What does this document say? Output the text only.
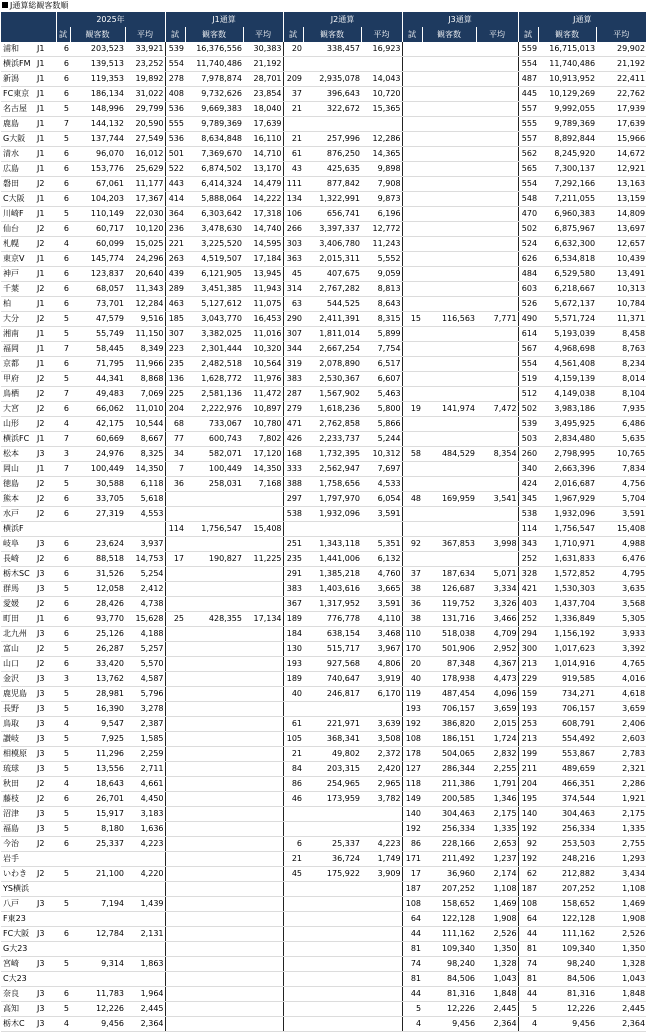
J通算総観客数順
		2025年			J1通算			J2通算			J3通算			J通算		
		試	観客数	平均	試	観客数	平均	試	観客数	平均	試	観客数	平均	試	観客数	平均
浦和	J1	6	203,523	33,921	539	16,376,556	30,383	20	338,457	16,923				559	16,715,013	29,902
横浜FM	J1	6	139,513	23,252	554	11,740,486	21,192							554	11,740,486	21,192
新潟	J1	6	119,353	19,892	278	7,978,874	28,701	209	2,935,078	14,043				487	10,913,952	22,411
FC東京	J1	6	186,134	31,022	408	9,732,626	23,854	37	396,643	10,720				445	10,129,269	22,762
名古屋	J1	5	148,996	29,799	536	9,669,383	18,040	21	322,672	15,365				557	9,992,055	17,939
鹿島	J1	7	144,132	20,590	555	9,789,369	17,639							555	9,789,369	17,639
G大阪	J1	5	137,744	27,549	536	8,634,848	16,110	21	257,996	12,286				557	8,892,844	15,966
清水	J1	6	96,070	16,012	501	7,369,670	14,710	61	876,250	14,365				562	8,245,920	14,672
広島	J1	6	153,776	25,629	522	6,874,502	13,170	43	425,635	9,898				565	7,300,137	12,921
磐田	J2	6	67,061	11,177	443	6,414,324	14,479	111	877,842	7,908				554	7,292,166	13,163
C大阪	J1	6	104,203	17,367	414	5,888,064	14,222	134	1,322,991	9,873				548	7,211,055	13,159
川崎F	J1	5	110,149	22,030	364	6,303,642	17,318	106	656,741	6,196				470	6,960,383	14,809
仙台	J2	6	60,717	10,120	236	3,478,630	14,740	266	3,397,337	12,772				502	6,875,967	13,697
札幌	J2	4	60,099	15,025	221	3,225,520	14,595	303	3,406,780	11,243				524	6,632,300	12,657
東京V	J1	6	145,774	24,296	263	4,519,507	17,184	363	2,015,311	5,552				626	6,534,818	10,439
神戸	J1	6	123,837	20,640	439	6,121,905	13,945	45	407,675	9,059				484	6,529,580	13,491
千葉	J2	6	68,057	11,343	289	3,451,385	11,943	314	2,767,282	8,813				603	6,218,667	10,313
柏	J1	6	73,701	12,284	463	5,127,612	11,075	63	544,525	8,643				526	5,672,137	10,784
大分	J2	5	47,579	9,516	185	3,043,770	16,453	290	2,411,391	8,315	15	116,563	7,771	490	5,571,724	11,371
湘南	J1	5	55,749	11,150	307	3,382,025	11,016	307	1,811,014	5,899				614	5,193,039	8,458
福岡	J1	7	58,445	8,349	223	2,301,444	10,320	344	2,667,254	7,754				567	4,968,698	8,763
京都	J1	6	71,795	11,966	235	2,482,518	10,564	319	2,078,890	6,517				554	4,561,408	8,234
甲府	J2	5	44,341	8,868	136	1,628,772	11,976	383	2,530,367	6,607				519	4,159,139	8,014
鳥栖	J2	7	49,483	7,069	225	2,581,136	11,472	287	1,567,902	5,463				512	4,149,038	8,104
大宮	J2	6	66,062	11,010	204	2,222,976	10,897	279	1,618,236	5,800	19	141,974	7,472	502	3,983,186	7,935
山形	J2	4	42,175	10,544	68	733,067	10,780	471	2,762,858	5,866				539	3,495,925	6,486
横浜FC	J1	7	60,669	8,667	77	600,743	7,802	426	2,233,737	5,244				503	2,834,480	5,635
松本	J3	3	24,976	8,325	34	582,071	17,120	168	1,732,395	10,312	58	484,529	8,354	260	2,798,995	10,765
岡山	J1	7	100,449	14,350	7	100,449	14,350	333	2,562,947	7,697				340	2,663,396	7,834
徳島	J2	5	30,588	6,118	36	258,031	7,168	388	1,758,656	4,533				424	2,016,687	4,756
熊本	J2	6	33,705	5,618				297	1,797,970	6,054	48	169,959	3,541	345	1,967,929	5,704
水戸	J2	6	27,319	4,553				538	1,932,096	3,591				538	1,932,096	3,591
横浜F					114	1,756,547	15,408							114	1,756,547	15,408
岐阜	J3	6	23,624	3,937				251	1,343,118	5,351	92	367,853	3,998	343	1,710,971	4,988
長崎	J2	6	88,518	14,753	17	190,827	11,225	235	1,441,006	6,132				252	1,631,833	6,476
栃木SC	J3	6	31,526	5,254				291	1,385,218	4,760	37	187,634	5,071	328	1,572,852	4,795
群馬	J3	5	12,058	2,412				383	1,403,616	3,665	38	126,687	3,334	421	1,530,303	3,635
愛媛	J2	6	28,426	4,738				367	1,317,952	3,591	36	119,752	3,326	403	1,437,704	3,568
町田	J1	6	93,770	15,628	25	428,355	17,134	189	776,778	4,110	38	131,716	3,466	252	1,336,849	5,305
北九州	J3	6	25,126	4,188				184	638,154	3,468	110	518,038	4,709	294	1,156,192	3,933
富山	J2	5	26,287	5,257				130	515,717	3,967	170	501,906	2,952	300	1,017,623	3,392
山口	J2	6	33,420	5,570				193	927,568	4,806	20	87,348	4,367	213	1,014,916	4,765
金沢	J3	3	13,762	4,587				189	740,647	3,919	40	178,938	4,473	229	919,585	4,016
鹿児島	J3	5	28,981	5,796				40	246,817	6,170	119	487,454	4,096	159	734,271	4,618
長野	J3	5	16,390	3,278							193	706,157	3,659	193	706,157	3,659
鳥取	J3	4	9,547	2,387				61	221,971	3,639	192	386,820	2,015	253	608,791	2,406
讃岐	J3	5	7,925	1,585				105	368,341	3,508	108	186,151	1,724	213	554,492	2,603
相模原	J3	5	11,296	2,259				21	49,802	2,372	178	504,065	2,832	199	553,867	2,783
琉球	J3	5	13,556	2,711				84	203,315	2,420	127	286,344	2,255	211	489,659	2,321
秋田	J2	4	18,643	4,661				86	254,965	2,965	118	211,386	1,791	204	466,351	2,286
藤枝	J2	6	26,701	4,450				46	173,959	3,782	149	200,585	1,346	195	374,544	1,921
沼津	J3	5	15,917	3,183							140	304,463	2,175	140	304,463	2,175
福島	J3	5	8,180	1,636							192	256,334	1,335	192	256,334	1,335
今治	J2	6	25,337	4,223				6	25,337	4,223	86	228,166	2,653	92	253,503	2,755
岩手								21	36,724	1,749	171	211,492	1,237	192	248,216	1,293
いわき	J2	5	21,100	4,220				45	175,922	3,909	17	36,960	2,174	62	212,882	3,434
YS横浜											187	207,252	1,108	187	207,252	1,108
八戸	J3	5	7,194	1,439							108	158,652	1,469	108	158,652	1,469
F東23											64	122,128	1,908	64	122,128	1,908
FC大阪	J3	6	12,784	2,131							44	111,162	2,526	44	111,162	2,526
G大23											81	109,340	1,350	81	109,340	1,350
宮崎	J3	5	9,314	1,863							74	98,240	1,328	74	98,240	1,328
C大23											81	84,506	1,043	81	84,506	1,043
奈良	J3	6	11,783	1,964							44	81,316	1,848	44	81,316	1,848
高知	J3	5	12,226	2,445							5	12,226	2,445	5	12,226	2,445
栃木C	J3	4	9,456	2,364							4	9,456	2,364	4	9,456	2,364
